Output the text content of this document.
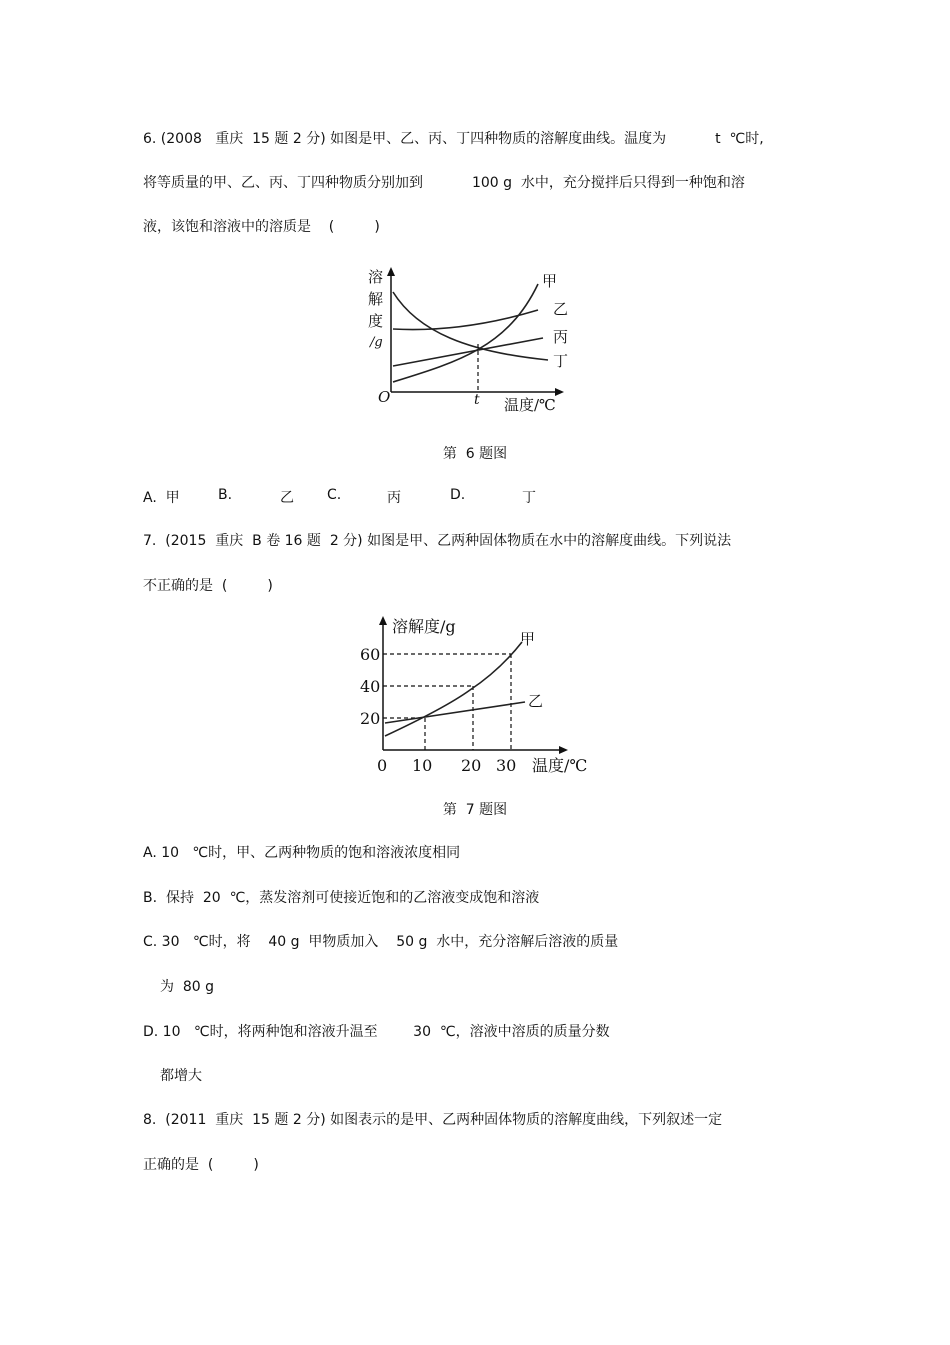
6. (2008   重庆  15 题 2 分) 如图是甲、乙、丙、丁四种物质的溶解度曲线。温度为           t  ℃时,
将等质量的甲、乙、丙、丁四种物质分别加到           100 g  水中，充分搅拌后只得到一种饱和溶
液，该饱和溶液中的溶质是    (         )
溶
解
度
/g
O	t 温度/℃
甲
乙
丙
丁
第  6 题图
A.  甲	B.	乙 C.	丙	D.	丁
7.  (2015  重庆  B 卷 16 题  2 分) 如图是甲、乙两种固体物质在水中的溶解度曲线。下列说法
不正确的是  (         )
溶解度/g
60
40
20
0 10 20 30 温度/℃
甲
乙
第  7 题图
A. 10   ℃时，甲、乙两种物质的饱和溶液浓度相同
B.  保持  20  ℃，蒸发溶剂可使接近饱和的乙溶液变成饱和溶液
C. 30   ℃时，将    40 g  甲物质加入    50 g  水中，充分溶解后溶液的质量
为  80 g
D. 10   ℃时，将两种饱和溶液升温至        30  ℃，溶液中溶质的质量分数
都增大
8.  (2011  重庆  15 题 2 分) 如图表示的是甲、乙两种固体物质的溶解度曲线，下列叙述一定
正确的是  (         )
